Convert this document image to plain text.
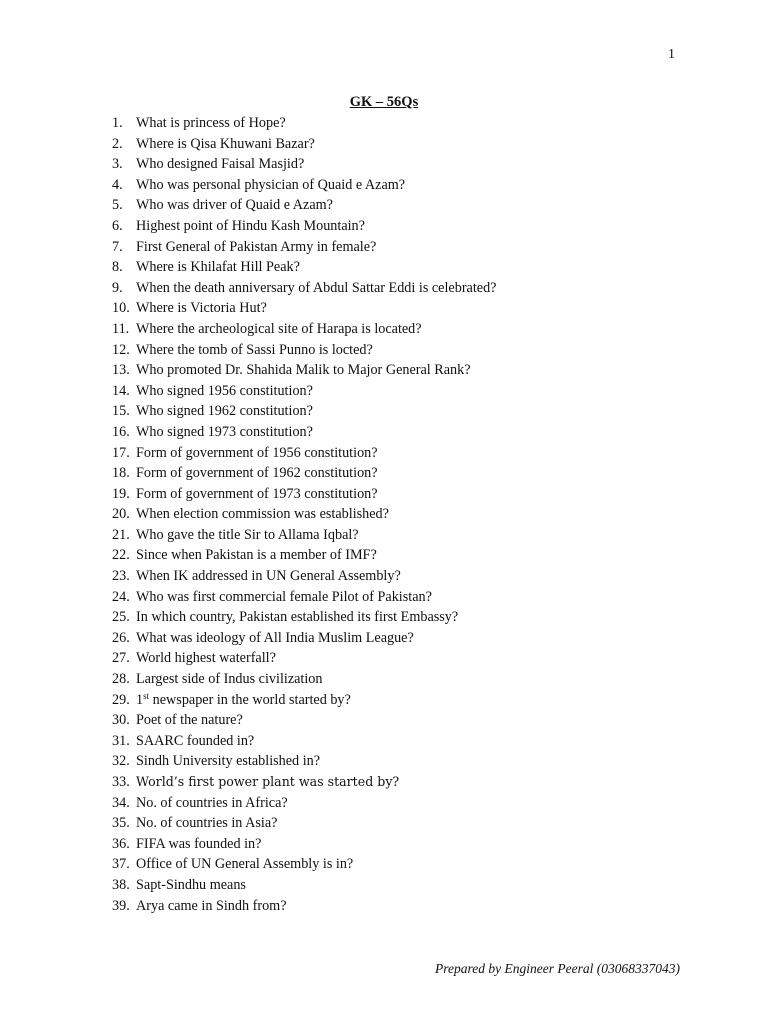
1
GK – 56Qs
1. What is princess of Hope?
2. Where is Qisa Khuwani Bazar?
3. Who designed Faisal Masjid?
4. Who was personal physician of Quaid e Azam?
5. Who was driver of Quaid e Azam?
6. Highest point of Hindu Kash Mountain?
7. First General of Pakistan Army in female?
8. Where is Khilafat Hill Peak?
9. When the death anniversary of Abdul Sattar Eddi is celebrated?
10. Where is Victoria Hut?
11. Where the archeological site of Harapa is located?
12. Where the tomb of Sassi Punno is locted?
13. Who promoted Dr. Shahida Malik to Major General Rank?
14. Who signed 1956 constitution?
15. Who signed 1962 constitution?
16. Who signed 1973 constitution?
17. Form of government of 1956 constitution?
18. Form of government of 1962 constitution?
19. Form of government of 1973 constitution?
20. When election commission was established?
21. Who gave the title Sir to Allama Iqbal?
22. Since when Pakistan is a member of IMF?
23. When IK addressed in UN General Assembly?
24. Who was first commercial female Pilot of Pakistan?
25. In which country, Pakistan established its first Embassy?
26. What was ideology of All India Muslim League?
27. World highest waterfall?
28. Largest side of Indus civilization
29. 1st newspaper in the world started by?
30. Poet of the nature?
31. SAARC founded in?
32. Sindh University established in?
33. World’s first power plant was started by?
34. No. of countries in Africa?
35. No. of countries in Asia?
36. FIFA was founded in?
37. Office of UN General Assembly is in?
38. Sapt-Sindhu means
39. Arya came in Sindh from?
Prepared by Engineer Peeral (03068337043)
